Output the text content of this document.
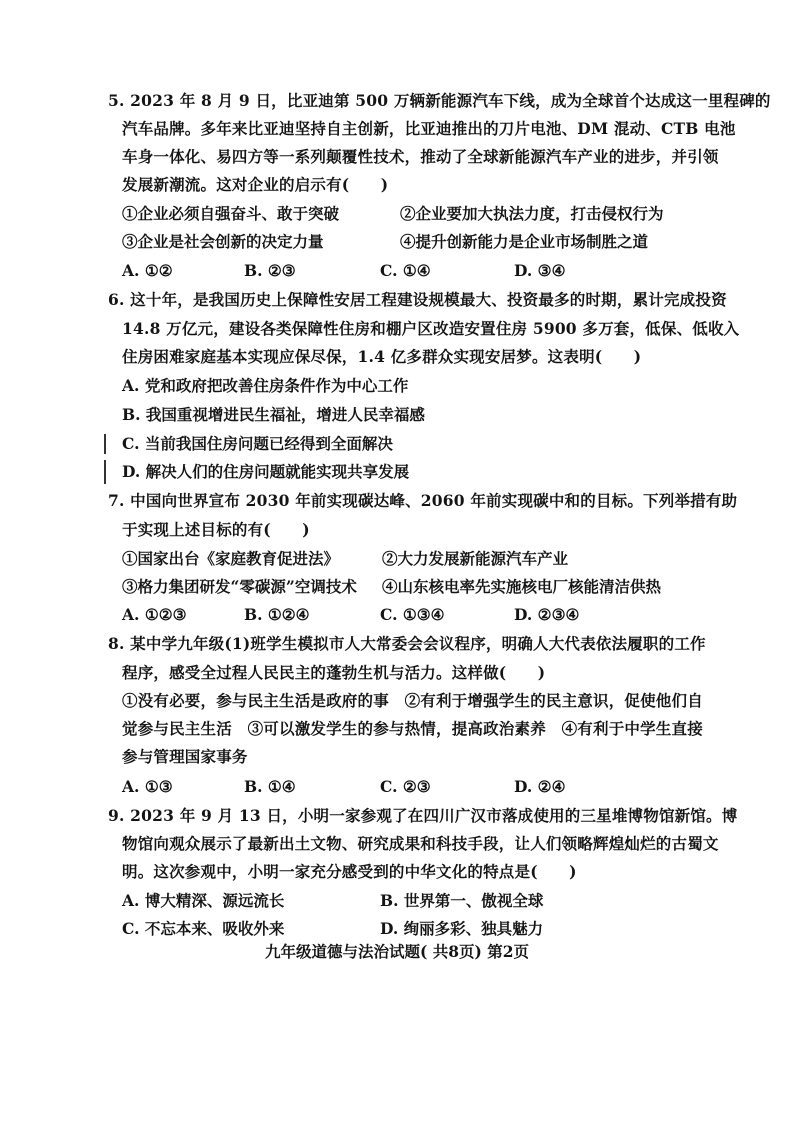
5. 2023 年 8 月 9 日，比亚迪第 500 万辆新能源汽车下线，成为全球首个达成这一里程碑的
汽车品牌。多年来比亚迪坚持自主创新，比亚迪推出的刀片电池、DM 混动、CTB 电池
车身一体化、易四方等一系列颠覆性技术，推动了全球新能源汽车产业的进步，并引领
发展新潮流。这对企业的启示有(　　)
①企业必须自强奋斗、敢于突破	②企业要加大执法力度，打击侵权行为
③企业是社会创新的决定力量	④提升创新能力是企业市场制胜之道
A. ①②	B. ②③	C. ①④	D. ③④
6. 这十年，是我国历史上保障性安居工程建设规模最大、投资最多的时期，累计完成投资
14.8 万亿元，建设各类保障性住房和棚户区改造安置住房 5900 多万套，低保、低收入
住房困难家庭基本实现应保尽保，1.4 亿多群众实现安居梦。这表明(　　)
A. 党和政府把改善住房条件作为中心工作
B. 我国重视增进民生福祉，增进人民幸福感
C. 当前我国住房问题已经得到全面解决
D. 解决人们的住房问题就能实现共享发展
7. 中国向世界宣布 2030 年前实现碳达峰、2060 年前实现碳中和的目标。下列举措有助
于实现上述目标的有(　　)
①国家出台《家庭教育促进法》	②大力发展新能源汽车产业
③格力集团研发“零碳源”空调技术 ④山东核电率先实施核电厂核能清洁供热
A. ①②③	B. ①②④	C. ①③④	D. ②③④
8. 某中学九年级(1)班学生模拟市人大常委会会议程序，明确人大代表依法履职的工作
程序，感受全过程人民民主的蓬勃生机与活力。这样做(　　)
①没有必要，参与民主生活是政府的事　②有利于增强学生的民主意识，促使他们自
觉参与民主生活　③可以激发学生的参与热情，提高政治素养　④有利于中学生直接
参与管理国家事务
A. ①③	B. ①④	C. ②③	D. ②④
9. 2023 年 9 月 13 日，小明一家参观了在四川广汉市落成使用的三星堆博物馆新馆。博
物馆向观众展示了最新出土文物、研究成果和科技手段，让人们领略辉煌灿烂的古蜀文
明。这次参观中，小明一家充分感受到的中华文化的特点是(　　)
A. 博大精深、源远流长	B. 世界第一、傲视全球
C. 不忘本来、吸收外来	D. 绚丽多彩、独具魅力
九年级道德与法治试题( 共8页) 第2页
